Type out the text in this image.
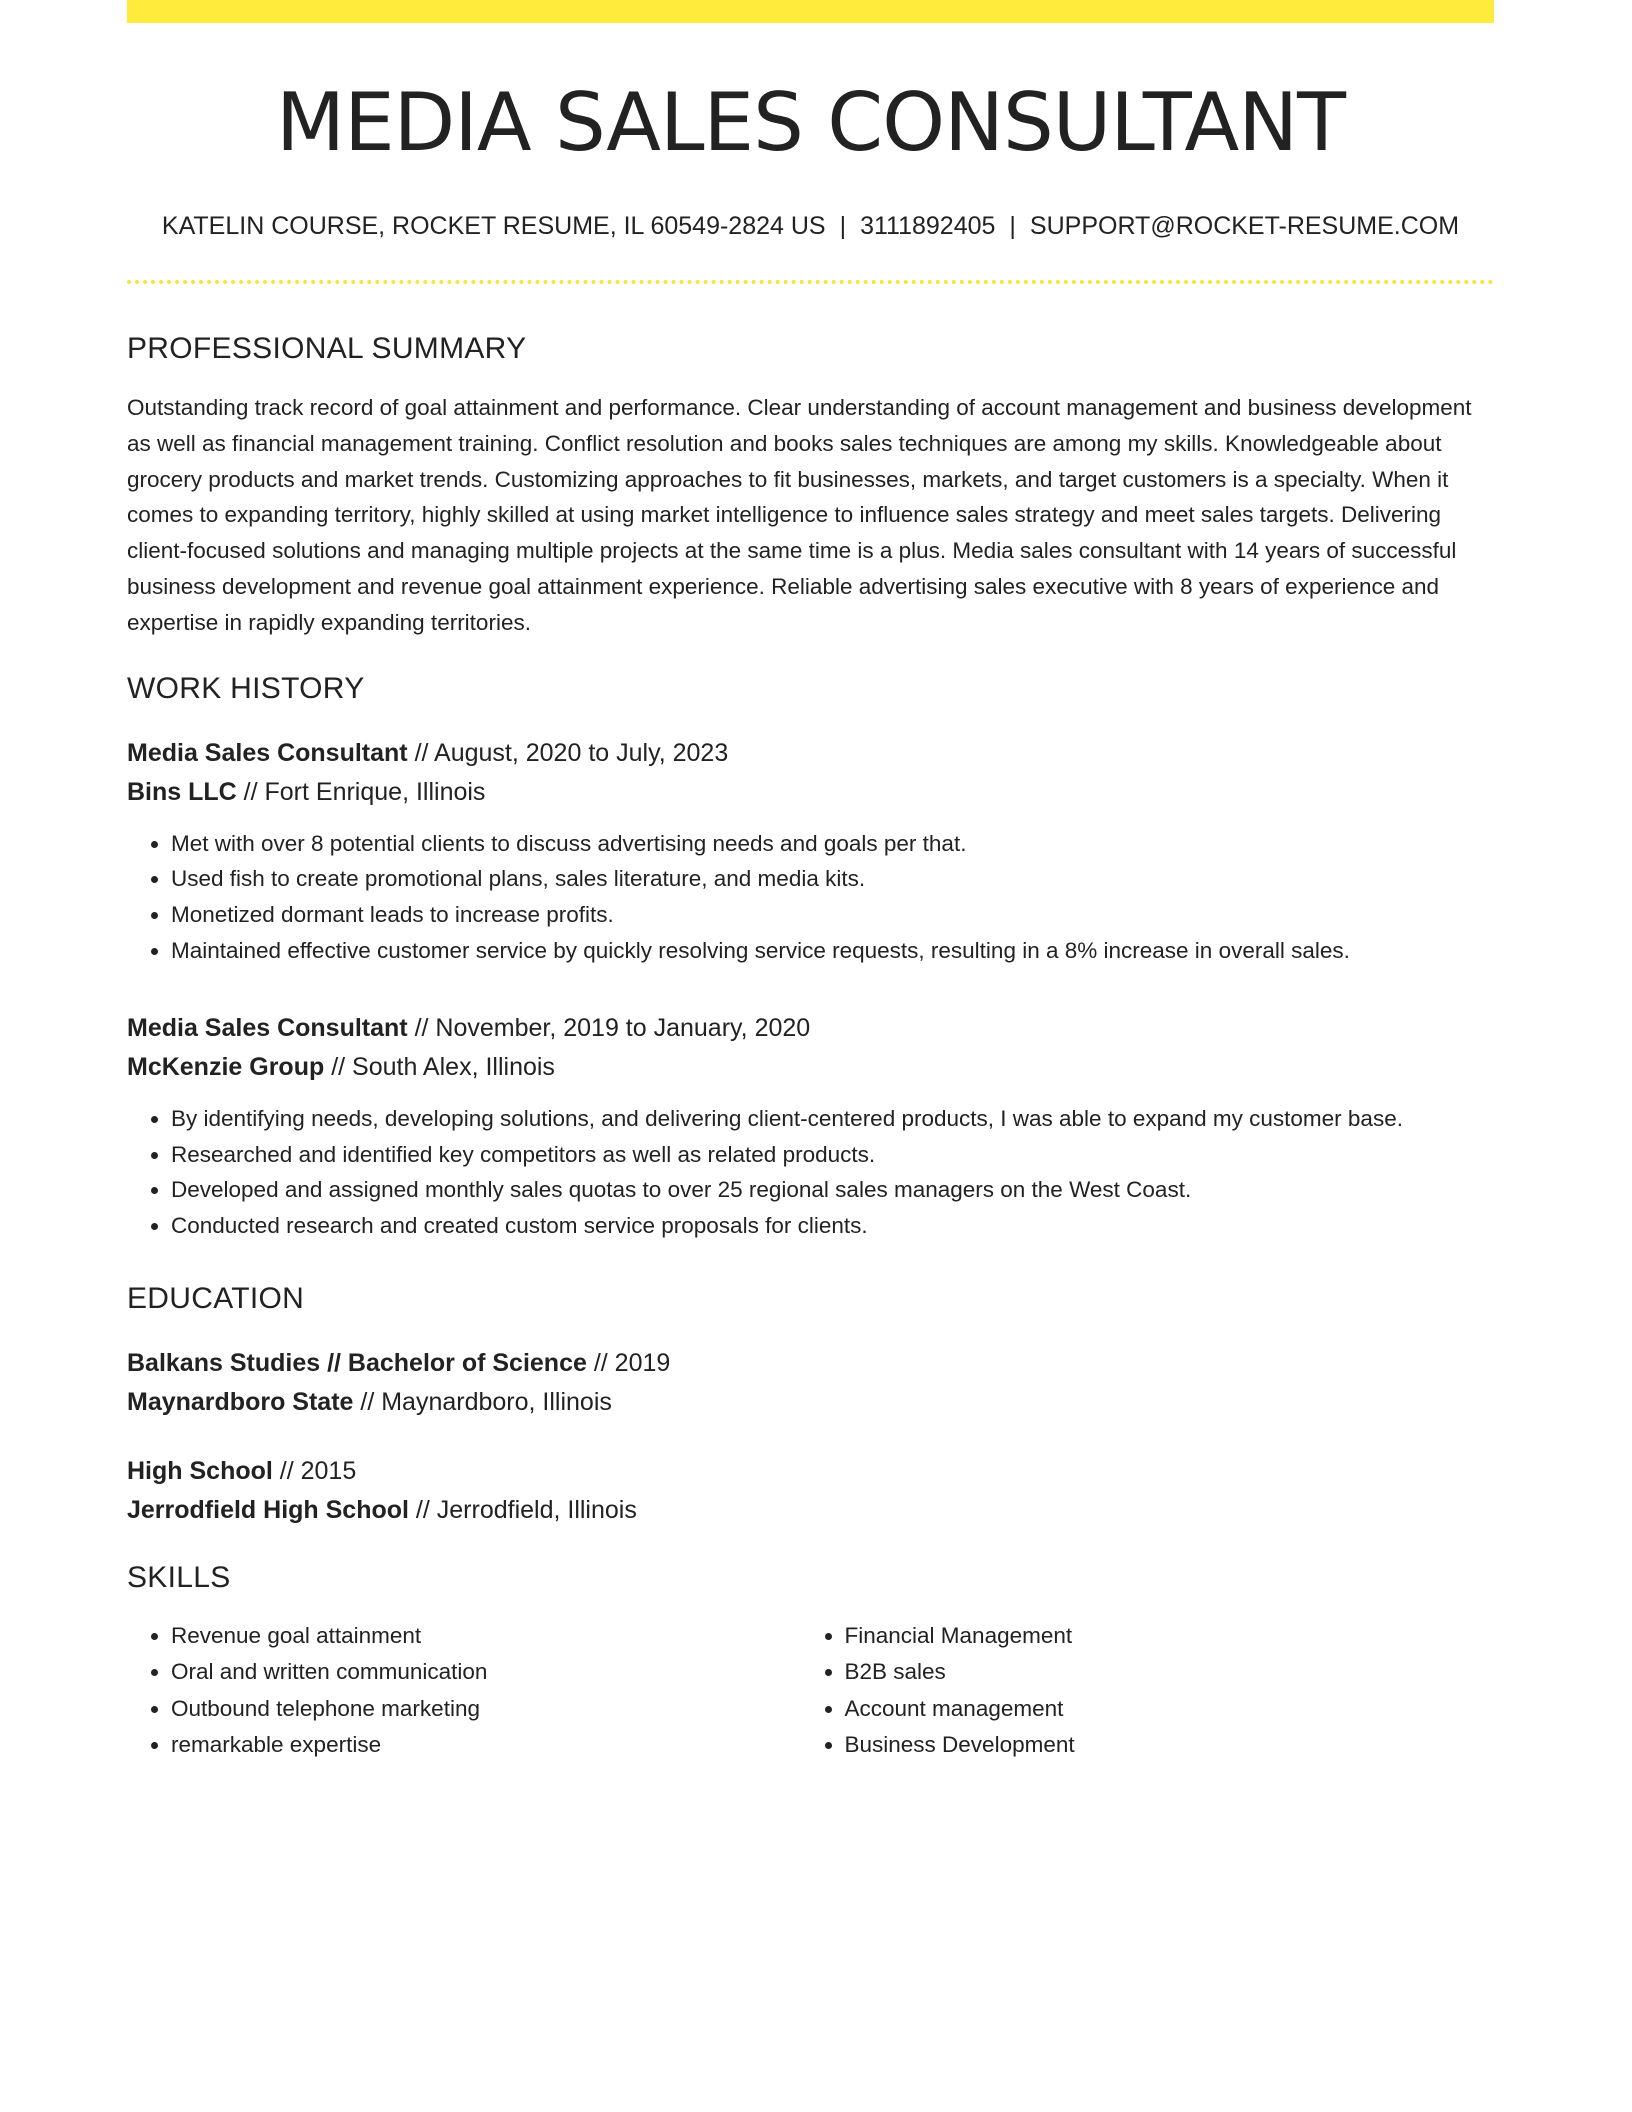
MEDIA SALES CONSULTANT
KATELIN COURSE, ROCKET RESUME, IL 60549-2824 US | 3111892405 | SUPPORT@ROCKET-RESUME.COM
PROFESSIONAL SUMMARY

Outstanding track record of goal attainment and performance. Clear understanding of account management and business development as well as financial management training. Conflict resolution and books sales techniques are among my skills. Knowledgeable about grocery products and market trends. Customizing approaches to fit businesses, markets, and target customers is a specialty. When it comes to expanding territory, highly skilled at using market intelligence to influence sales strategy and meet sales targets. Delivering client-focused solutions and managing multiple projects at the same time is a plus. Media sales consultant with 14 years of successful business development and revenue goal attainment experience. Reliable advertising sales executive with 8 years of experience and expertise in rapidly expanding territories.

WORK HISTORY

Media Sales Consultant // August, 2020 to July, 2023

Bins LLC // Fort Enrique, Illinois

• Met with over 8 potential clients to discuss advertising needs and goals per that.
• Used fish to create promotional plans, sales literature, and media kits.
• Monetized dormant leads to increase profits.
• Maintained effective customer service by quickly resolving service requests, resulting in a 8% increase in overall sales.

Media Sales Consultant // November, 2019 to January, 2020

McKenzie Group // South Alex, Illinois

• By identifying needs, developing solutions, and delivering client-centered products, I was able to expand my customer base.
• Researched and identified key competitors as well as related products.
• Developed and assigned monthly sales quotas to over 25 regional sales managers on the West Coast.
• Conducted research and created custom service proposals for clients.
EDUCATION

Balkans Studies // Bachelor of Science // 2019

Maynardboro State // Maynardboro, Illinois

High School // 2015

Jerrodfield High School // Jerrodfield, Illinois

SKILLS
• Revenue goal attainment
• Oral and written communication
• Outbound telephone marketing
• remarkable expertise
• Financial Management
• B2B sales
• Account management
• Business Development
